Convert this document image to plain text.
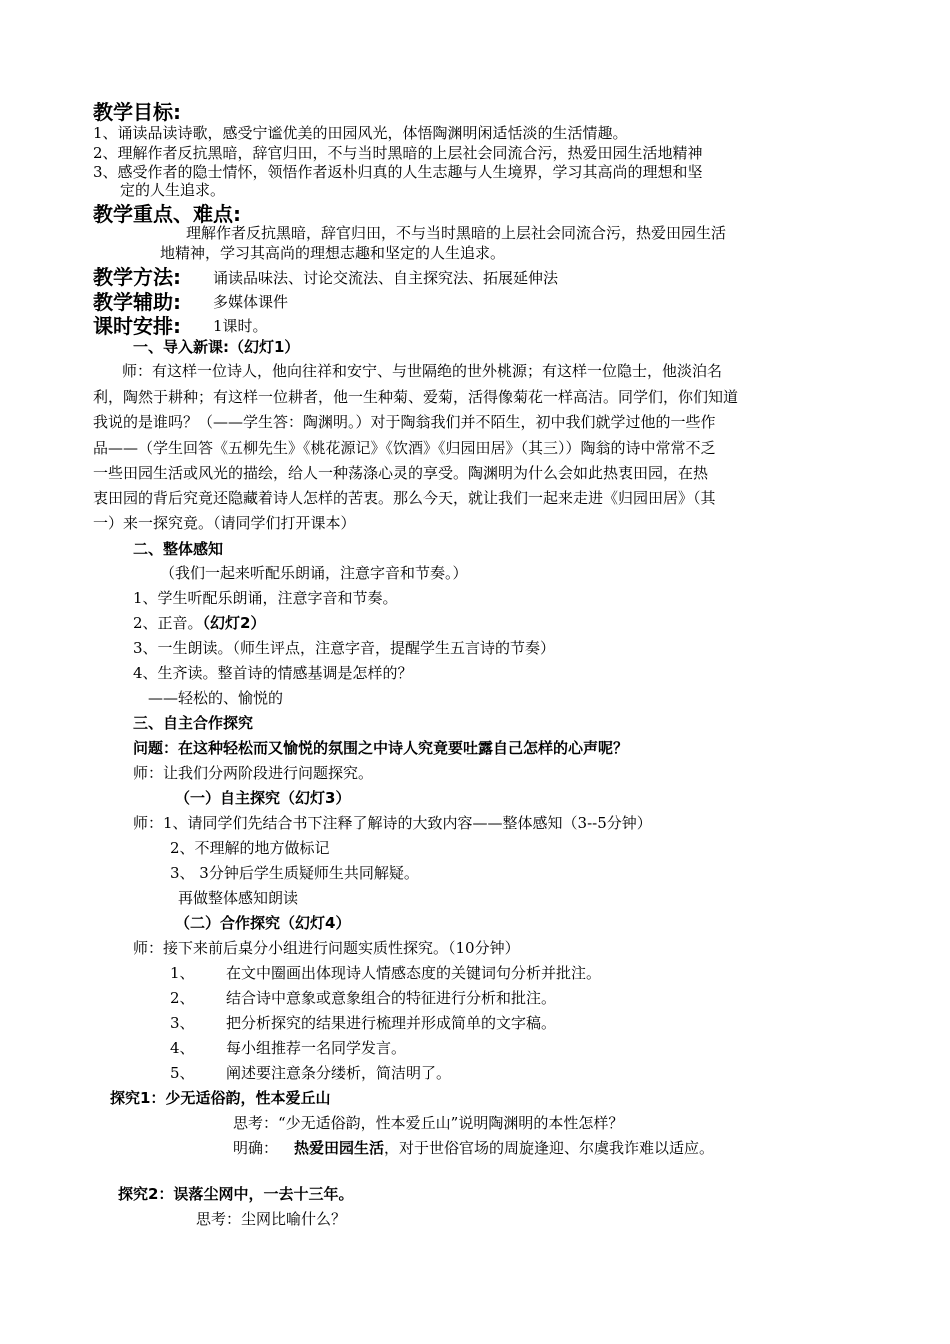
教学目标:
1、诵读品读诗歌，感受宁谧优美的田园风光，体悟陶渊明闲适恬淡的生活情趣。
2、理解作者反抗黑暗，辞官归田，不与当时黑暗的上层社会同流合污，热爱田园生活地精神
3、感受作者的隐士情怀，领悟作者返朴归真的人生志趣与人生境界，学习其高尚的理想和坚
定的人生追求。
教学重点、难点:
理解作者反抗黑暗，辞官归田，不与当时黑暗的上层社会同流合污，热爱田园生活
地精神，学习其高尚的理想志趣和坚定的人生追求。
教学方法: 诵读品味法、讨论交流法、自主探究法、拓展延伸法
教学辅助: 多媒体课件
课时安排: 1课时。
一、导入新课:（幻灯1）
师：有这样一位诗人，他向往祥和安宁、与世隔绝的世外桃源；有这样一位隐士，他淡泊名
利，陶然于耕种；有这样一位耕者，他一生种菊、爱菊，活得像菊花一样高洁。同学们，你们知道
我说的是谁吗？（——学生答：陶渊明。）对于陶翁我们并不陌生，初中我们就学过他的一些作
品——（学生回答《五柳先生》《桃花源记》《饮酒》《归园田居》（其三））陶翁的诗中常常不乏
一些田园生活或风光的描绘，给人一种荡涤心灵的享受。陶渊明为什么会如此热衷田园，在热
衷田园的背后究竟还隐藏着诗人怎样的苦衷。那么今天，就让我们一起来走进《归园田居》（其
一）来一探究竟。（请同学们打开课本）
二、整体感知
（我们一起来听配乐朗诵，注意字音和节奏。）
1、学生听配乐朗诵，注意字音和节奏。
2、正音。（幻灯2）
3、一生朗读。（师生评点，注意字音，提醒学生五言诗的节奏）
4、生齐读。整首诗的情感基调是怎样的？
——轻松的、愉悦的
三、自主合作探究
问题：在这种轻松而又愉悦的氛围之中诗人究竟要吐露自己怎样的心声呢？
师：让我们分两阶段进行问题探究。
（一）自主探究（幻灯3）
师：1、请同学们先结合书下注释了解诗的大致内容——整体感知（3--5分钟）
2、不理解的地方做标记
3、 3分钟后学生质疑师生共同解疑。
再做整体感知朗读
（二）合作探究（幻灯4）
师：接下来前后桌分小组进行问题实质性探究。（10分钟）
1、 在文中圈画出体现诗人情感态度的关键词句分析并批注。
2、 结合诗中意象或意象组合的特征进行分析和批注。
3、 把分析探究的结果进行梳理并形成简单的文字稿。
4、 每小组推荐一名同学发言。
5、 阐述要注意条分缕析，简洁明了。
探究1：少无适俗韵，性本爱丘山
思考：“少无适俗韵，性本爱丘山”说明陶渊明的本性怎样？
明确： 热爱田园生活，对于世俗官场的周旋逢迎、尔虞我诈难以适应。
探究2：误落尘网中，一去十三年。
思考：尘网比喻什么？
